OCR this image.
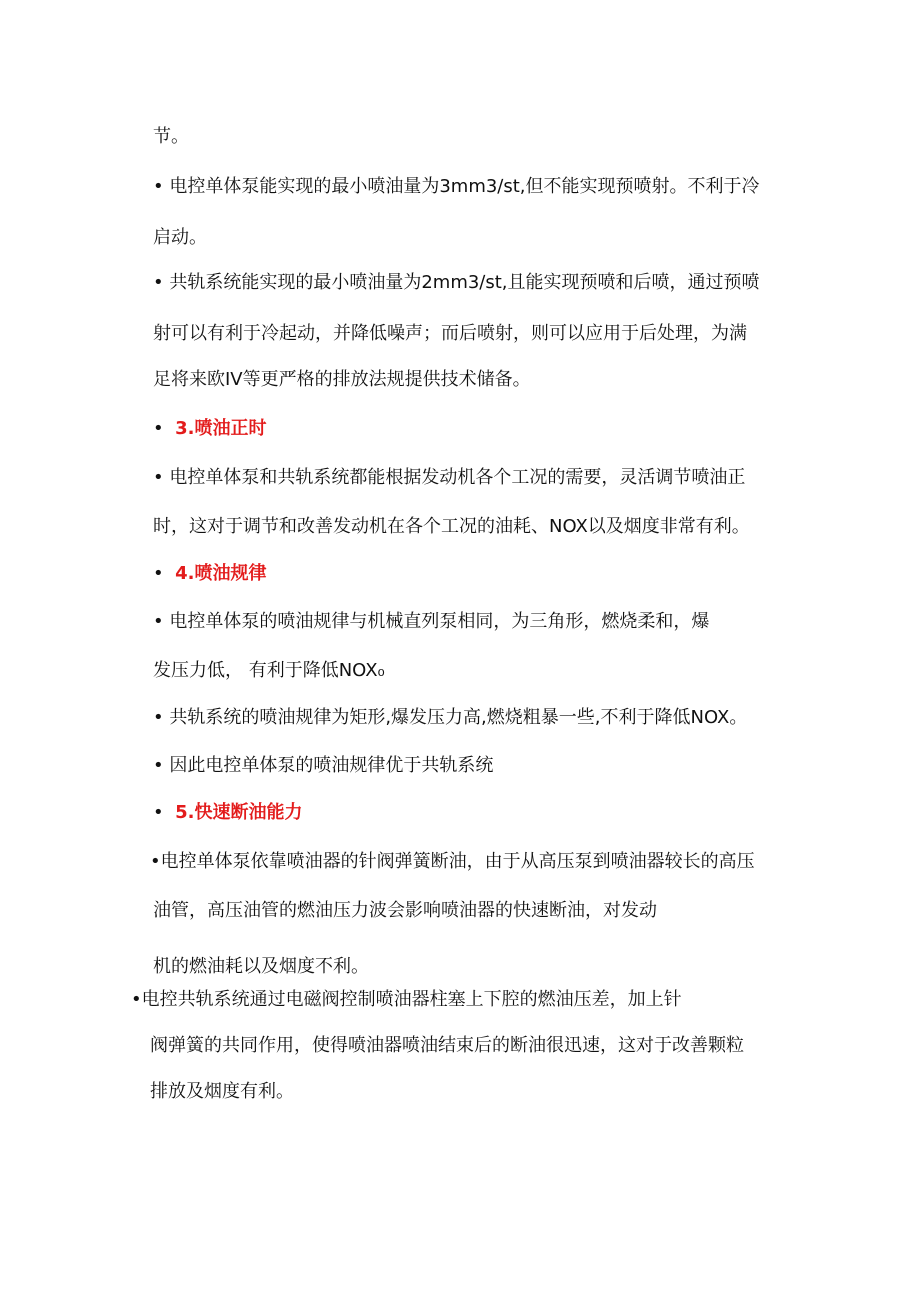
节。
• 电控单体泵能实现的最小喷油量为3mm3∕st,但不能实现预喷射。不利于冷
启动。
• 共轨系统能实现的最小喷油量为2mm3∕st,且能实现预喷和后喷，通过预喷
射可以有利于冷起动，并降低噪声；而后喷射，则可以应用于后处理，为满
足将来欧IV等更严格的排放法规提供技术储备。
• 3.喷油正时
• 电控单体泵和共轨系统都能根据发动机各个工况的需要，灵活调节喷油正
时，这对于调节和改善发动机在各个工况的油耗、NOX以及烟度非常有利。
• 4.喷油规律
• 电控单体泵的喷油规律与机械直列泵相同，为三角形，燃烧柔和，爆
发压力低， 有利于降低NOX₀
• 共轨系统的喷油规律为矩形,爆发压力高,燃烧粗暴一些,不利于降低NOX。
• 因此电控单体泵的喷油规律优于共轨系统
• 5.快速断油能力
•电控单体泵依靠喷油器的针阀弹簧断油，由于从高压泵到喷油器较长的高压
油管，高压油管的燃油压力波会影响喷油器的快速断油，对发动
机的燃油耗以及烟度不利。
•电控共轨系统通过电磁阀控制喷油器柱塞上下腔的燃油压差，加上针
阀弹簧的共同作用，使得喷油器喷油结束后的断油很迅速，这对于改善颗粒
排放及烟度有利。
